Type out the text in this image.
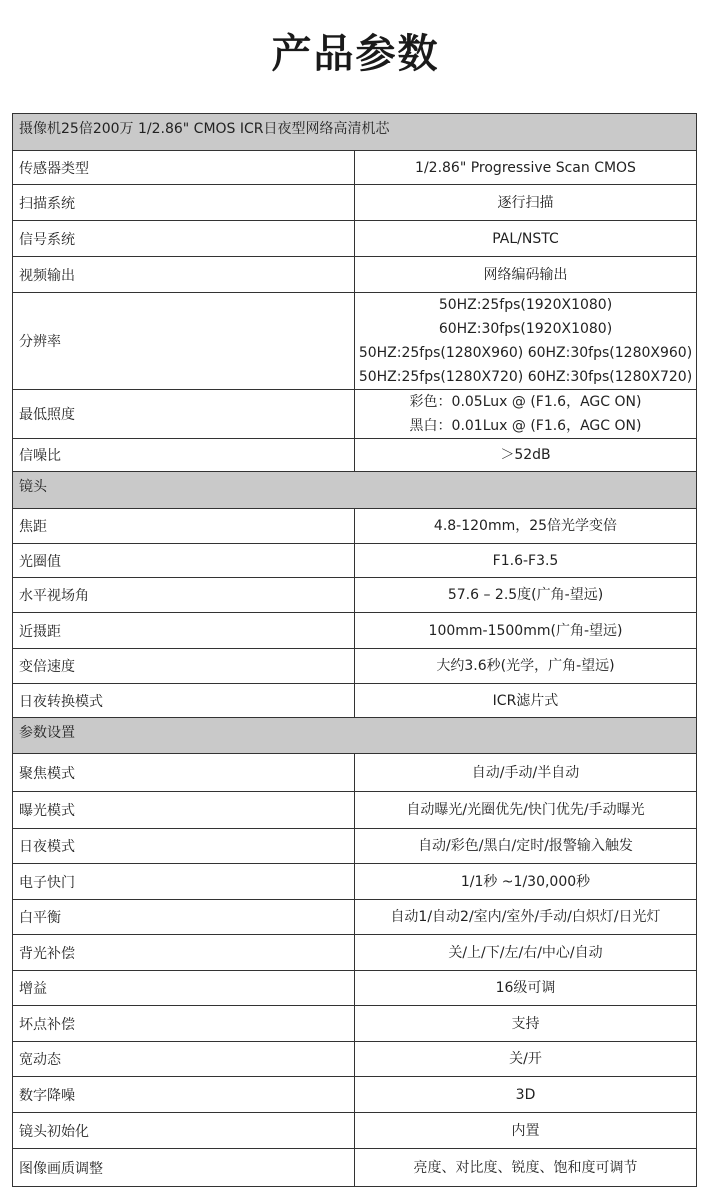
产品参数
摄像机25倍200万 1/2.86" CMOS ICR日夜型网络高清机芯	
传感器类型	1/2.86" Progressive Scan CMOS

扫描系统	逐行扫描

信号系统	PAL/NSTC

视频输出	网络编码输出

分辨率	50HZ:25fps(1920X1080) 60HZ:30fps(1920X1080)
50HZ:25fps(1280X960) 60HZ:30fps(1280X960)
50HZ:25fps(1280X720) 60HZ:30fps(1280X720)

最低照度	彩色：0.05Lux @ (F1.6，AGC ON)
黑白：0.01Lux @ (F1.6，AGC ON)

信噪比	＞52dB

镜头	
焦距	4.8-120mm，25倍光学变倍

光圈值	F1.6-F3.5

水平视场角	57.6 – 2.5度(广角-望远)

近摄距	100mm-1500mm(广角-望远)

变倍速度	大约3.6秒(光学，广角-望远)

日夜转换模式	ICR滤片式

参数设置	
聚焦模式	自动/手动/半自动

曝光模式	自动曝光/光圈优先/快门优先/手动曝光

日夜模式	自动/彩色/黑白/定时/报警输入触发

电子快门	1/1秒 ~1/30,000秒

白平衡	自动1/自动2/室内/室外/手动/白炽灯/日光灯

背光补偿	关/上/下/左/右/中心/自动

增益	16级可调

坏点补偿	支持

宽动态	关/开

数字降噪	3D

镜头初始化	内置

图像画质调整	亮度、对比度、锐度、饱和度可调节
